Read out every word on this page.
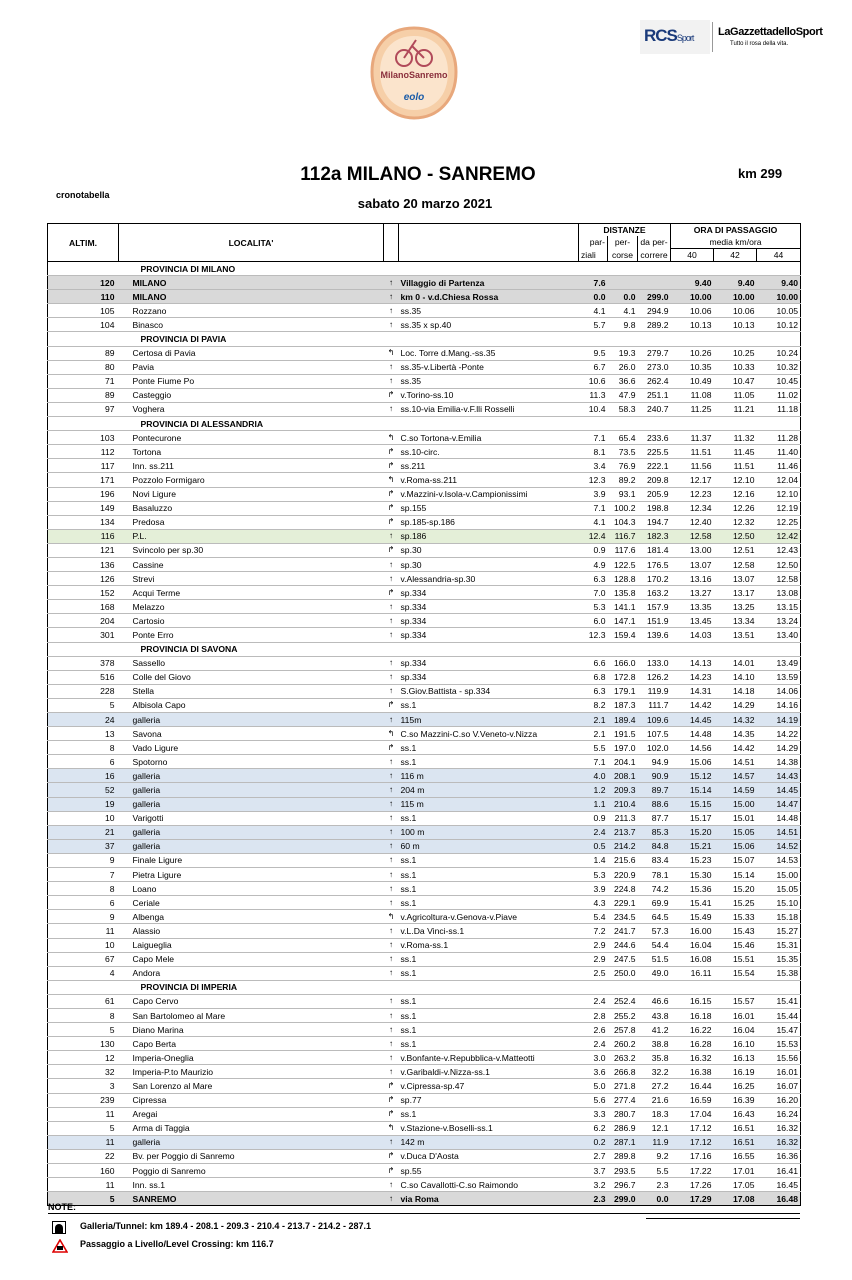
MilanoSanremo
eolo
RCSSport LaGazzettadelloSport
Tutto il rosa della vita.
112a MILANO - SANREMO	km 299
cronotabella
sabato 20 marzo 2021
ALTIM.	LOCALITA'			DISTANZE			ORA DI PASSAGGIO		
				par-	per-	da per-	media km/ora		
				ziali	corse	correre	40	42	44
	PROVINCIA DI MILANO								
120	MILANO	↑	Villaggio di Partenza	7.6			9.40	9.40	9.40

110	MILANO	↑	km 0 - v.d.Chiesa Rossa	0.0	0.0	299.0	10.00	10.00	10.00
105	Rozzano	↑	ss.35	4.1	4.1	294.9	10.06	10.06	10.05
104	Binasco	↑	ss.35 x sp.40	5.7	9.8	289.2	10.13	10.13	10.12
	PROVINCIA DI PAVIA								
89	Certosa di Pavia	↰	Loc. Torre d.Mang.-ss.35	9.5	19.3	279.7	10.26	10.25	10.24
80	Pavia	↑	ss.35-v.Libertà -Ponte	6.7	26.0	273.0	10.35	10.33	10.32
71	Ponte Fiume Po	↑	ss.35	10.6	36.6	262.4	10.49	10.47	10.45
89	Casteggio	↱	v.Torino-ss.10	11.3	47.9	251.1	11.08	11.05	11.02
97	Voghera	↑	ss.10-via Emilia-v.F.lli Rosselli	10.4	58.3	240.7	11.25	11.21	11.18
	PROVINCIA DI ALESSANDRIA								
103	Pontecurone	↰	C.so Tortona-v.Emilia	7.1	65.4	233.6	11.37	11.32	11.28
112	Tortona	↱	ss.10-circ.	8.1	73.5	225.5	11.51	11.45	11.40
117	Inn. ss.211	↱	ss.211	3.4	76.9	222.1	11.56	11.51	11.46
171	Pozzolo Formigaro	↰	v.Roma-ss.211	12.3	89.2	209.8	12.17	12.10	12.04
196	Novi Ligure	↱	v.Mazzini-v.Isola-v.Campionissimi	3.9	93.1	205.9	12.23	12.16	12.10
149	Basaluzzo	↱	sp.155	7.1	100.2	198.8	12.34	12.26	12.19
134	Predosa	↱	sp.185-sp.186	4.1	104.3	194.7	12.40	12.32	12.25

116	P.L.	↑	sp.186	12.4	116.7	182.3	12.58	12.50	12.42
121	Svincolo per sp.30	↱	sp.30	0.9	117.6	181.4	13.00	12.51	12.43
136	Cassine	↑	sp.30	4.9	122.5	176.5	13.07	12.58	12.50
126	Strevi	↑	v.Alessandria-sp.30	6.3	128.8	170.2	13.16	13.07	12.58
152	Acqui Terme	↱	sp.334	7.0	135.8	163.2	13.27	13.17	13.08
168	Melazzo	↑	sp.334	5.3	141.1	157.9	13.35	13.25	13.15
204	Cartosio	↑	sp.334	6.0	147.1	151.9	13.45	13.34	13.24
301	Ponte Erro	↑	sp.334	12.3	159.4	139.6	14.03	13.51	13.40
	PROVINCIA DI SAVONA								
378	Sassello	↑	sp.334	6.6	166.0	133.0	14.13	14.01	13.49
516	Colle del Giovo	↑	sp.334	6.8	172.8	126.2	14.23	14.10	13.59
228	Stella	↑	S.Giov.Battista - sp.334	6.3	179.1	119.9	14.31	14.18	14.06
5	Albisola Capo	↱	ss.1	8.2	187.3	111.7	14.42	14.29	14.16

24	galleria	↑	115m	2.1	189.4	109.6	14.45	14.32	14.19
13	Savona	↰	C.so Mazzini-C.so V.Veneto-v.Nizza	2.1	191.5	107.5	14.48	14.35	14.22
8	Vado Ligure	↱	ss.1	5.5	197.0	102.0	14.56	14.42	14.29
6	Spotorno	↑	ss.1	7.1	204.1	94.9	15.06	14.51	14.38

16	galleria	↑	116 m	4.0	208.1	90.9	15.12	14.57	14.43

52	galleria	↑	204 m	1.2	209.3	89.7	15.14	14.59	14.45

19	galleria	↑	115 m	1.1	210.4	88.6	15.15	15.00	14.47
10	Varigotti	↑	ss.1	0.9	211.3	87.7	15.17	15.01	14.48

21	galleria	↑	100 m	2.4	213.7	85.3	15.20	15.05	14.51

37	galleria	↑	60 m	0.5	214.2	84.8	15.21	15.06	14.52
9	Finale Ligure	↑	ss.1	1.4	215.6	83.4	15.23	15.07	14.53
7	Pietra Ligure	↑	ss.1	5.3	220.9	78.1	15.30	15.14	15.00
8	Loano	↑	ss.1	3.9	224.8	74.2	15.36	15.20	15.05
6	Ceriale	↑	ss.1	4.3	229.1	69.9	15.41	15.25	15.10
9	Albenga	↰	v.Agricoltura-v.Genova-v.Piave	5.4	234.5	64.5	15.49	15.33	15.18
11	Alassio	↑	v.L.Da Vinci-ss.1	7.2	241.7	57.3	16.00	15.43	15.27
10	Laigueglia	↑	v.Roma-ss.1	2.9	244.6	54.4	16.04	15.46	15.31
67	Capo Mele	↑	ss.1	2.9	247.5	51.5	16.08	15.51	15.35
4	Andora	↑	ss.1	2.5	250.0	49.0	16.11	15.54	15.38
	PROVINCIA DI IMPERIA								
61	Capo Cervo	↑	ss.1	2.4	252.4	46.6	16.15	15.57	15.41
8	San Bartolomeo al Mare	↑	ss.1	2.8	255.2	43.8	16.18	16.01	15.44
5	Diano Marina	↑	ss.1	2.6	257.8	41.2	16.22	16.04	15.47
130	Capo Berta	↑	ss.1	2.4	260.2	38.8	16.28	16.10	15.53
12	Imperia-Oneglia	↑	v.Bonfante-v.Repubblica-v.Matteotti	3.0	263.2	35.8	16.32	16.13	15.56
32	Imperia-P.to Maurizio	↑	v.Garibaldi-v.Nizza-ss.1	3.6	266.8	32.2	16.38	16.19	16.01
3	San Lorenzo al Mare	↱	v.Cipressa-sp.47	5.0	271.8	27.2	16.44	16.25	16.07
239	Cipressa	↱	sp.77	5.6	277.4	21.6	16.59	16.39	16.20
11	Aregai	↱	ss.1	3.3	280.7	18.3	17.04	16.43	16.24
5	Arma di Taggia	↰	v.Stazione-v.Boselli-ss.1	6.2	286.9	12.1	17.12	16.51	16.32

11	galleria	↑	142 m	0.2	287.1	11.9	17.12	16.51	16.32
22	Bv. per Poggio di Sanremo	↱	v.Duca D'Aosta	2.7	289.8	9.2	17.16	16.55	16.36
160	Poggio di Sanremo	↱	sp.55	3.7	293.5	5.5	17.22	17.01	16.41
11	Inn. ss.1	↑	C.so Cavallotti-C.so Raimondo	3.2	296.7	2.3	17.26	17.05	16.45

5	SANREMO	↑	via Roma	2.3	299.0	0.0	17.29	17.08	16.48
NOTE:
Galleria/Tunnel: km 189.4 - 208.1 - 209.3 - 210.4 - 213.7 - 214.2 - 287.1
Passaggio a Livello/Level Crossing: km 116.7
